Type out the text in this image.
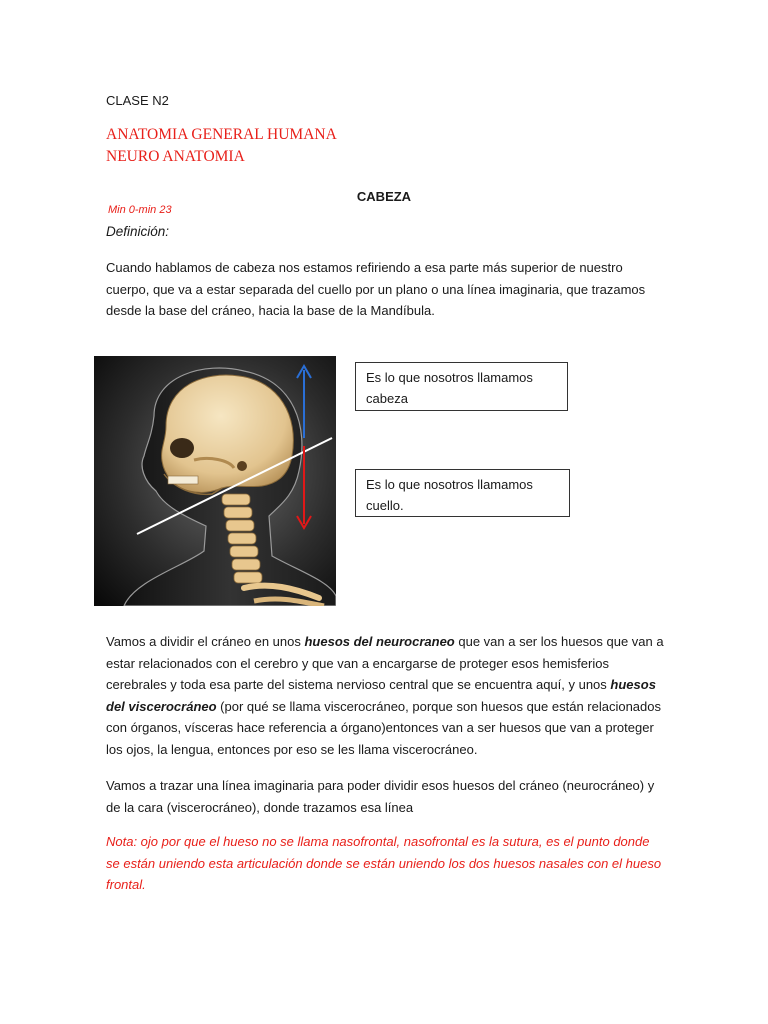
CLASE N2
ANATOMIA GENERAL HUMANA
NEURO ANATOMIA
CABEZA
Min 0-min 23
Definición:
Cuando hablamos de cabeza nos estamos refiriendo a esa parte más superior de nuestro cuerpo, que va a estar separada del cuello por un plano o una línea imaginaria, que trazamos desde la base del cráneo, hacia la base de la Mandíbula.
Es lo que nosotros llamamos cabeza
Es lo que nosotros llamamos cuello.
Vamos a dividir el cráneo en unos huesos del neurocraneo que van a ser los huesos que van a estar relacionados con el cerebro y que van a encargarse de proteger esos hemisferios cerebrales y toda esa parte del sistema nervioso central que se encuentra aquí, y unos huesos del viscerocráneo (por qué se llama viscerocráneo, porque son huesos que están relacionados con órganos, vísceras hace referencia a órgano)entonces van a ser huesos que van a proteger los ojos, la lengua, entonces por eso se les llama viscerocráneo.
Vamos a trazar una línea imaginaria para poder dividir esos huesos del cráneo (neurocráneo) y de la cara (viscerocráneo), donde trazamos esa línea
Nota: ojo por que el hueso no se llama nasofrontal, nasofrontal es la sutura, es el punto donde se están uniendo esta articulación donde se están uniendo los dos huesos nasales con el hueso frontal.
